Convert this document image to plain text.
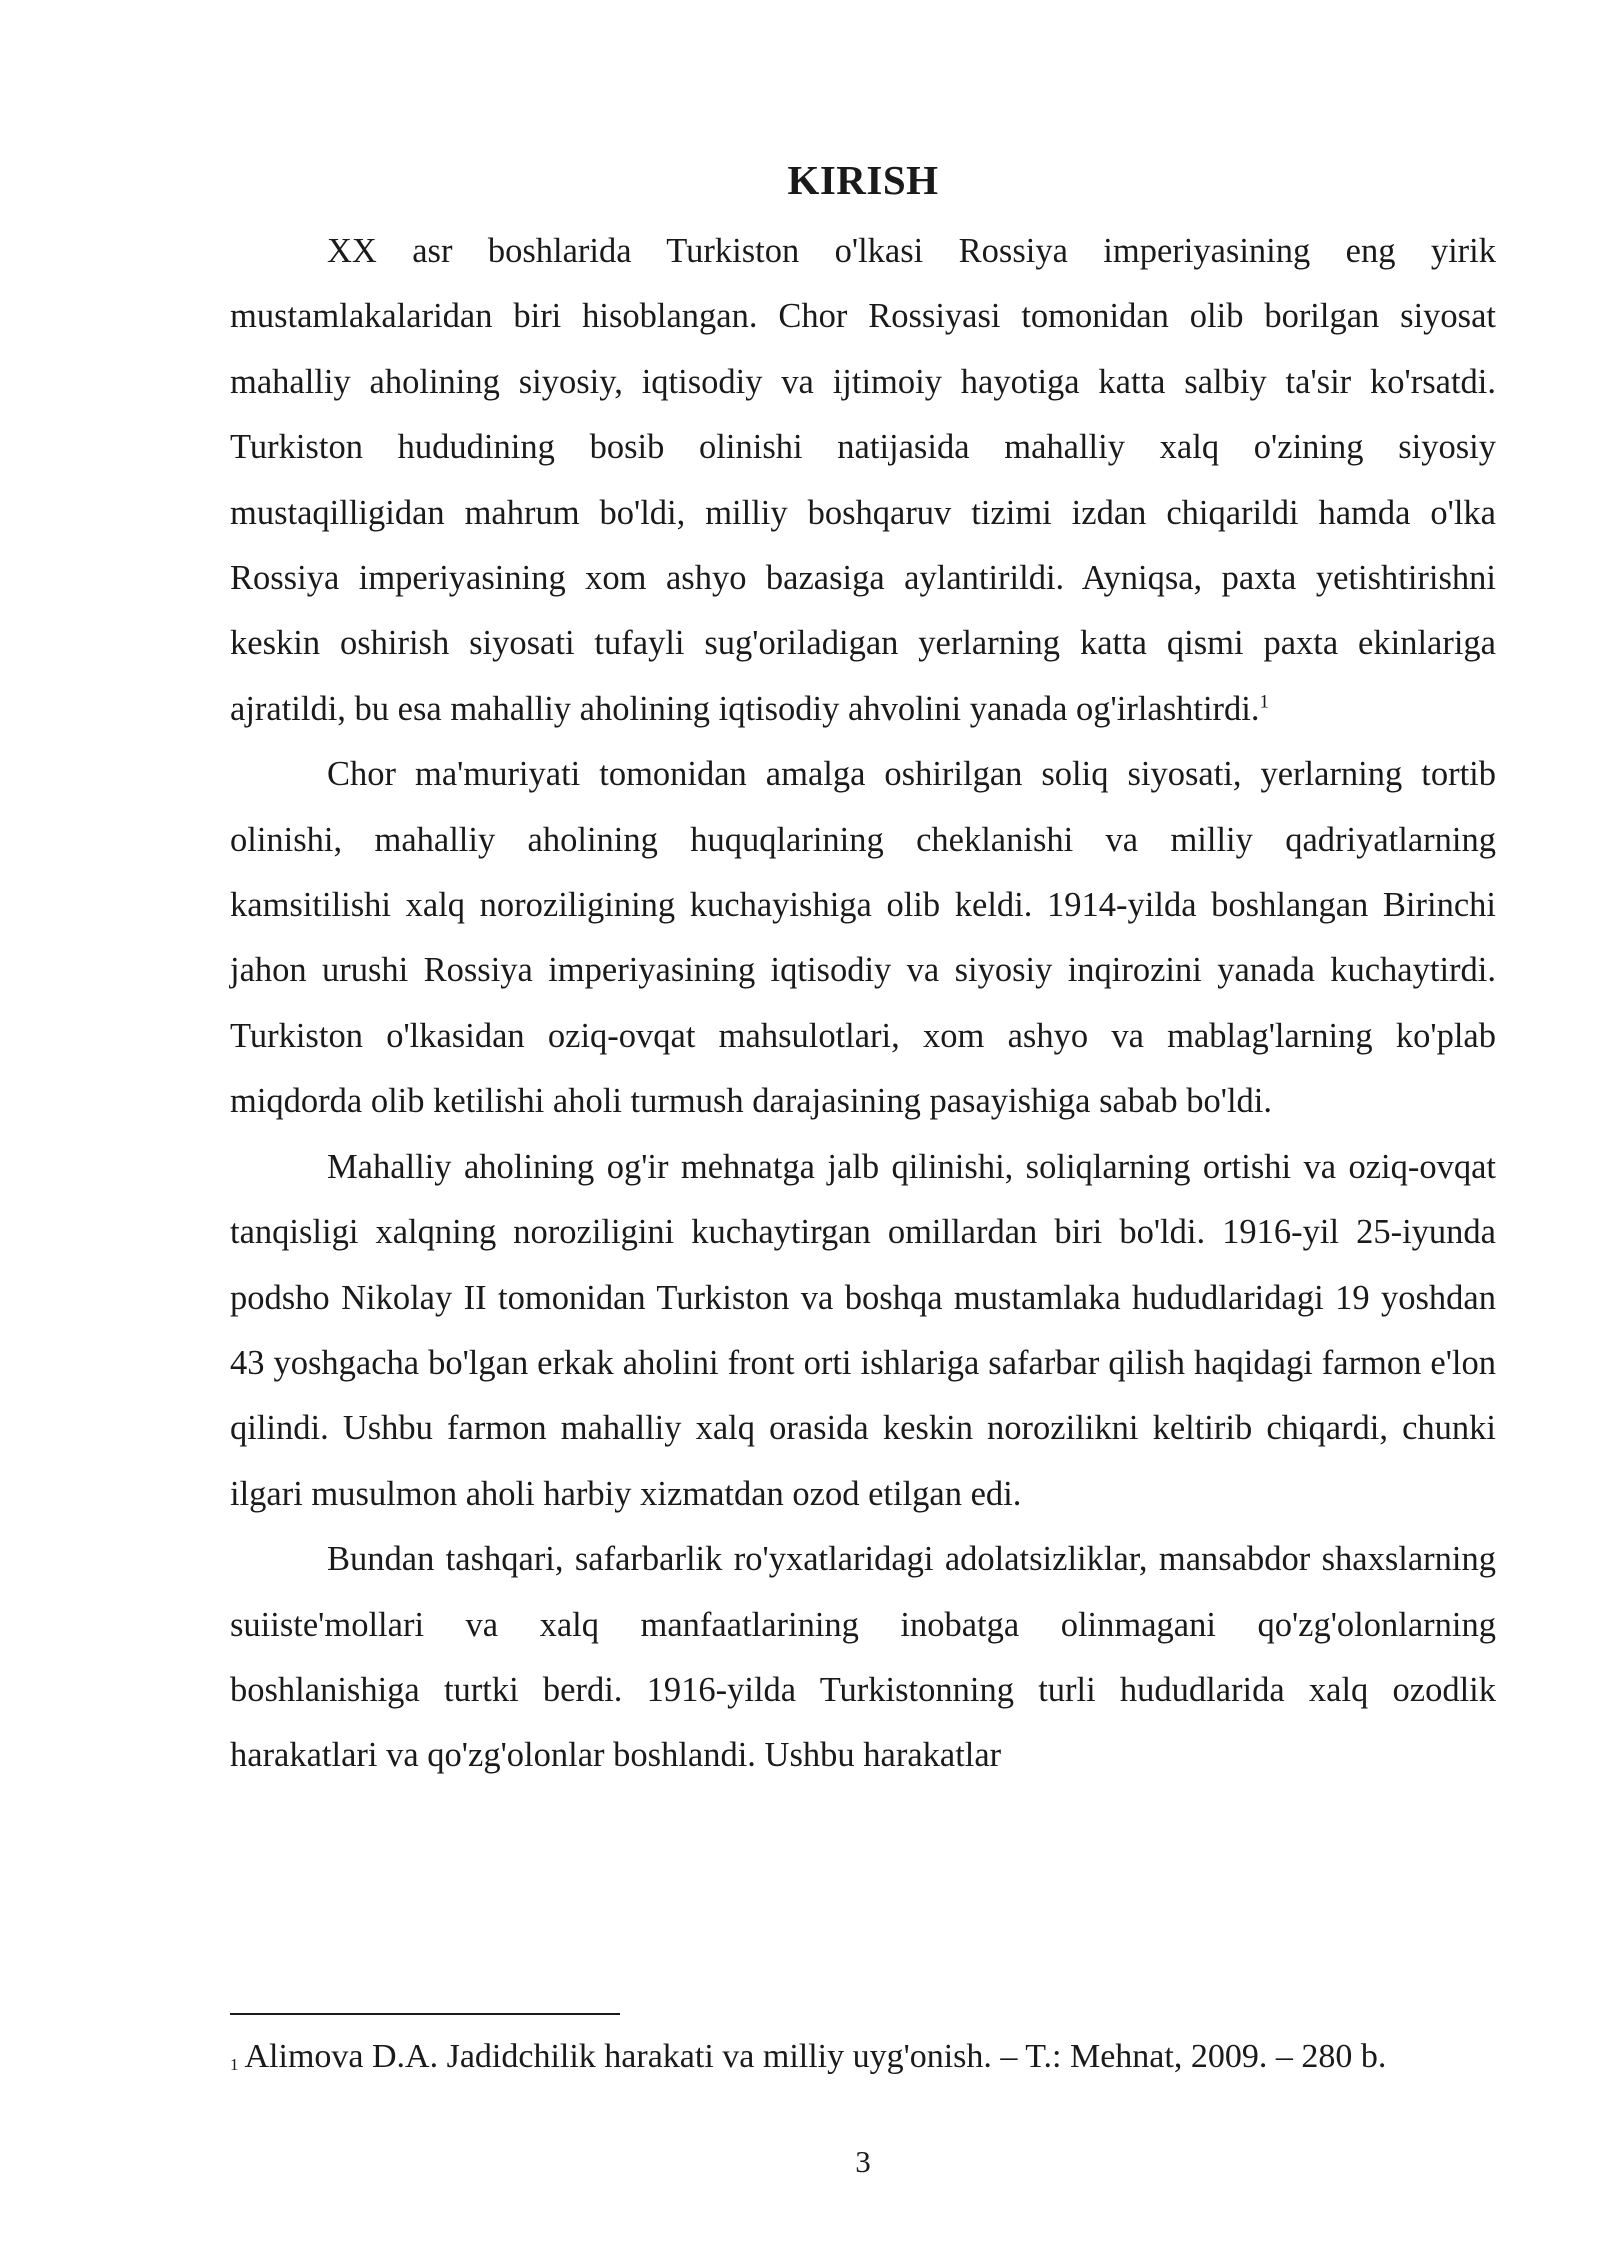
KIRISH

XX asr boshlarida Turkiston o'lkasi Rossiya imperiyasining eng yirik mustamlakalaridan biri hisoblangan. Chor Rossiyasi tomonidan olib borilgan siyosat mahalliy aholining siyosiy, iqtisodiy va ijtimoiy hayotiga katta salbiy ta'sir ko'rsatdi. Turkiston hududining bosib olinishi natijasida mahalliy xalq o'zining siyosiy mustaqilligidan mahrum bo'ldi, milliy boshqaruv tizimi izdan chiqarildi hamda o'lka Rossiya imperiyasining xom ashyo bazasiga aylantirildi. Ayniqsa, paxta yetishtirishni keskin oshirish siyosati tufayli sug'oriladigan yerlarning katta qismi paxta ekinlariga ajratildi, bu esa mahalliy aholining iqtisodiy ahvolini yanada og'irlashtirdi.$^1$

Chor ma'muriyati tomonidan amalga oshirilgan soliq siyosati, yerlarning tortib olinishi, mahalliy aholining huquqlarining cheklanishi va milliy qadriyatlarning kamsitilishi xalq noroziligining kuchayishiga olib keldi. 1914-yilda boshlangan Birinchi jahon urushi Rossiya imperiyasining iqtisodiy va siyosiy inqirozini yanada kuchaytirdi. Turkiston o'lkasidan oziq-ovqat mahsulotlari, xom ashyo va mablag'larning ko'plab miqdorda olib ketilishi aholi turmush darajasining pasayishiga sabab bo'ldi.

Mahalliy aholining og'ir mehnatga jalb qilinishi, soliqlarning ortishi va oziq-ovqat tanqisligi xalqning noroziligini kuchaytirgan omillardan biri bo'ldi. 1916-yil 25-iyunda podsho Nikolay II tomonidan Turkiston va boshqa mustamlaka hududlaridagi 19 yoshdan 43 yoshgacha bo'lgan erkak aholini front orti ishlariga safarbar qilish haqidagi farmon e'lon qilindi. Ushbu farmon mahalliy xalq orasida keskin norozilikni keltirib chiqardi, chunki ilgari musulmon aholi harbiy xizmatdan ozod etilgan edi.

Bundan tashqari, safarbarlik ro'yxatlaridagi adolatsizliklar, mansabdor shaxslarning suiiste'mollari va xalq manfaatlarining inobatga olinmagani qo'zg'olonlarning boshlanishiga turtki berdi. 1916-yilda Turkistonning turli hududlarida xalq ozodlik harakatlari va qo'zg'olonlar boshlandi. Ushbu harakatlar

$^1$ Alimova D.A. Jadidchilik harakati va milliy uyg'onish. – T.: Mehnat, 2009. – 280 b.

3
